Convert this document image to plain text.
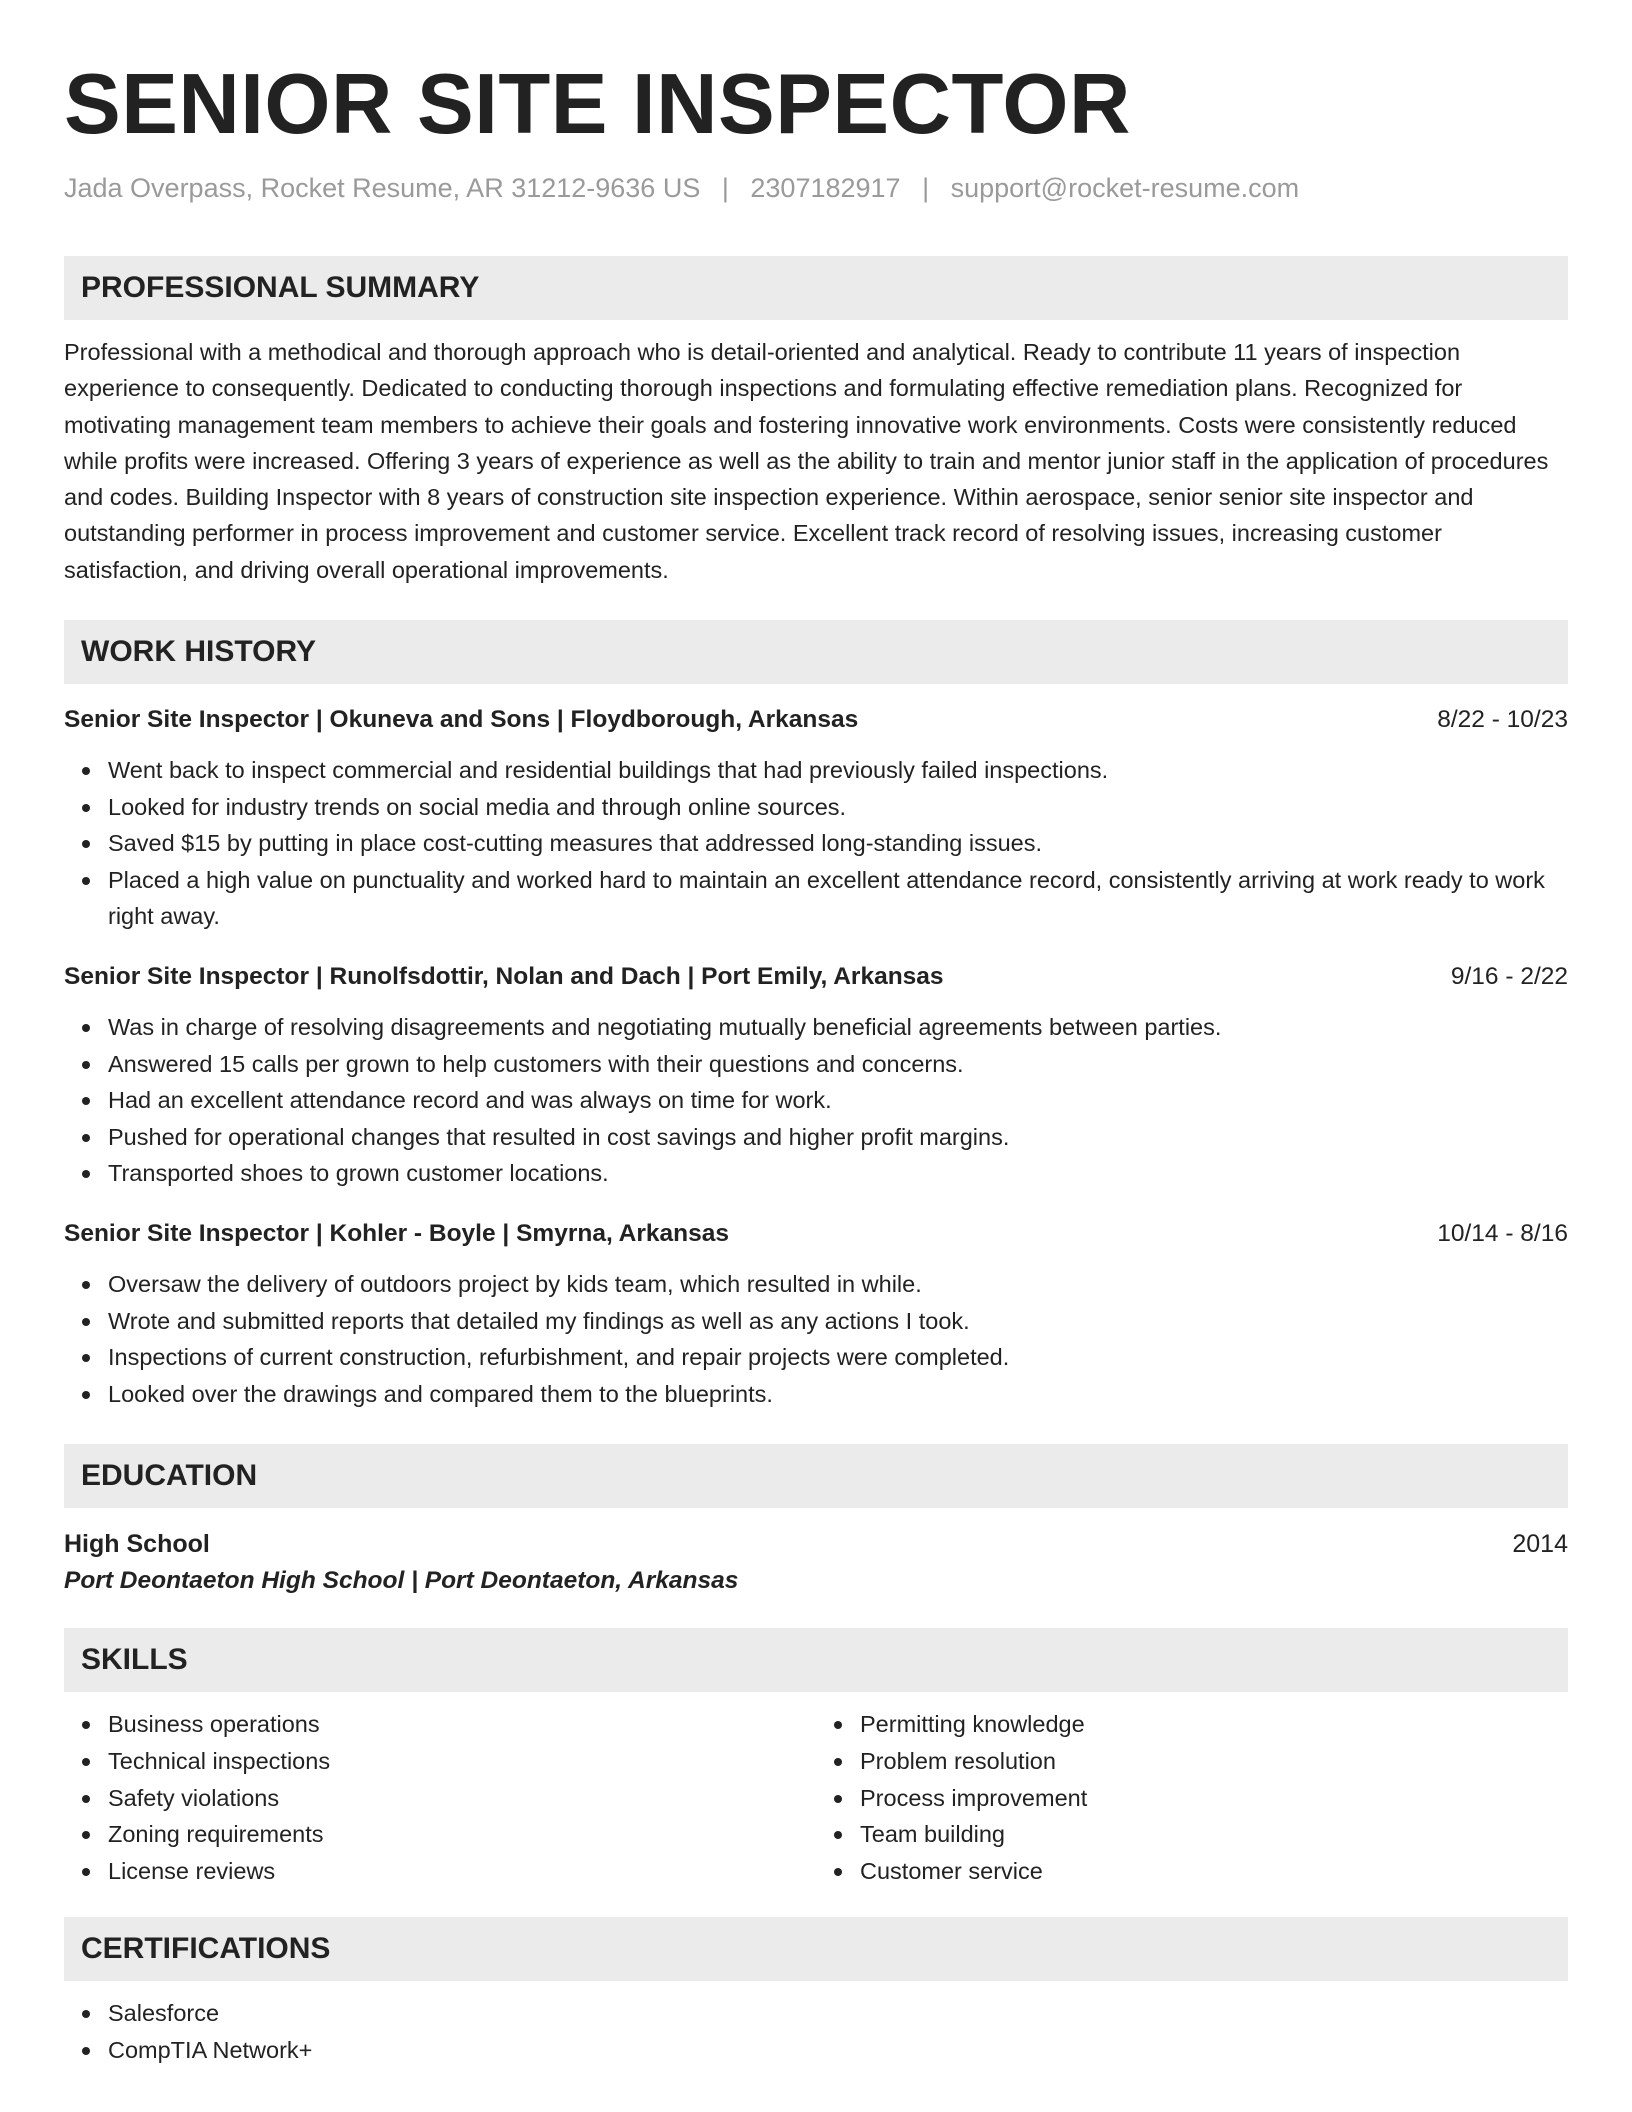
SENIOR SITE INSPECTOR
Jada Overpass, Rocket Resume, AR 31212-9636 US | 2307182917 | support@rocket-resume.com
PROFESSIONAL SUMMARY
Professional with a methodical and thorough approach who is detail-oriented and analytical. Ready to contribute 11 years of inspection experience to consequently. Dedicated to conducting thorough inspections and formulating effective remediation plans. Recognized for motivating management team members to achieve their goals and fostering innovative work environments. Costs were consistently reduced while profits were increased. Offering 3 years of experience as well as the ability to train and mentor junior staff in the application of procedures and codes. Building Inspector with 8 years of construction site inspection experience. Within aerospace, senior senior site inspector and outstanding performer in process improvement and customer service. Excellent track record of resolving issues, increasing customer satisfaction, and driving overall operational improvements.
WORK HISTORY
Senior Site Inspector | Okuneva and Sons | Floydborough, Arkansas	8/22 - 10/23
Went back to inspect commercial and residential buildings that had previously failed inspections.
Looked for industry trends on social media and through online sources.
Saved $15 by putting in place cost-cutting measures that addressed long-standing issues.
Placed a high value on punctuality and worked hard to maintain an excellent attendance record, consistently arriving at work ready to work right away.
Senior Site Inspector | Runolfsdottir, Nolan and Dach | Port Emily, Arkansas	9/16 - 2/22
Was in charge of resolving disagreements and negotiating mutually beneficial agreements between parties.
Answered 15 calls per grown to help customers with their questions and concerns.
Had an excellent attendance record and was always on time for work.
Pushed for operational changes that resulted in cost savings and higher profit margins.
Transported shoes to grown customer locations.
Senior Site Inspector | Kohler - Boyle | Smyrna, Arkansas	10/14 - 8/16
Oversaw the delivery of outdoors project by kids team, which resulted in while.
Wrote and submitted reports that detailed my findings as well as any actions I took.
Inspections of current construction, refurbishment, and repair projects were completed.
Looked over the drawings and compared them to the blueprints.
EDUCATION
High School	2014
Port Deontaeton High School | Port Deontaeton, Arkansas
SKILLS
Business operations
Technical inspections
Safety violations
Zoning requirements
License reviews
Permitting knowledge
Problem resolution
Process improvement
Team building
Customer service
CERTIFICATIONS
Salesforce
CompTIA Network+
